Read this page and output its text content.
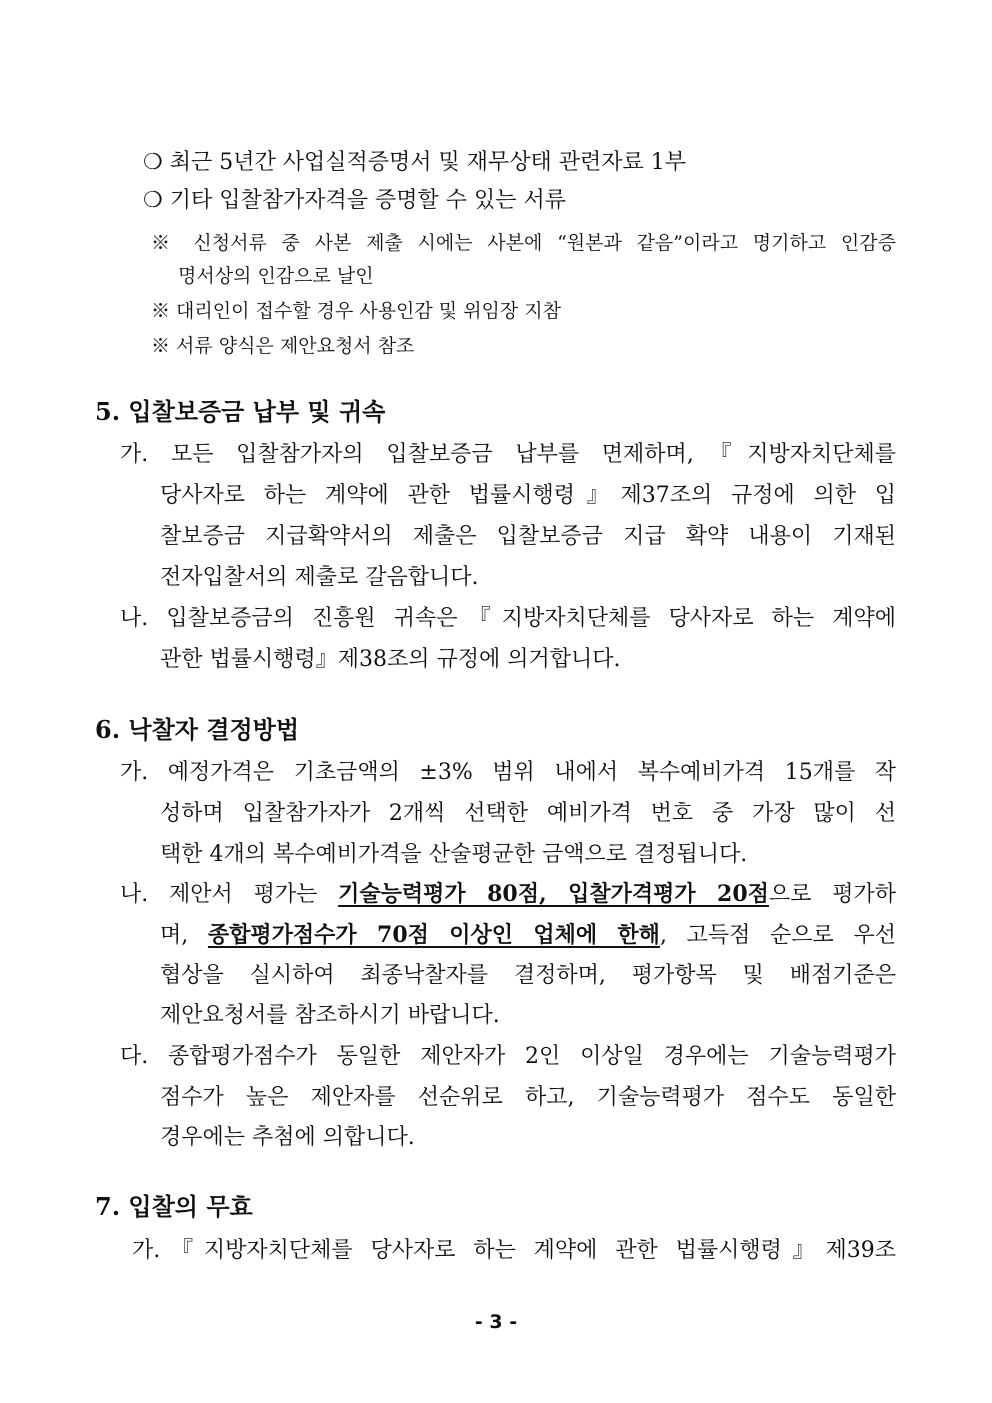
❍ 최근 5년간 사업실적증명서 및 재무상태 관련자료 1부
❍ 기타 입찰참가자격을 증명할 수 있는 서류
※ 신청서류 중 사본 제출 시에는 사본에 “원본과 같음”이라고 명기하고 인감증
명서상의 인감으로 날인
※ 대리인이 접수할 경우 사용인감 및 위임장 지참
※ 서류 양식은 제안요청서 참조
5. 입찰보증금 납부 및 귀속
가. 모든 입찰참가자의 입찰보증금 납부를 면제하며,『지방자치단체를
당사자로 하는 계약에 관한 법률시행령』제37조의 규정에 의한 입
찰보증금 지급확약서의 제출은 입찰보증금 지급 확약 내용이 기재된
전자입찰서의 제출로 갈음합니다.
나. 입찰보증금의 진흥원 귀속은『지방자치단체를 당사자로 하는 계약에
관한 법률시행령』제38조의 규정에 의거합니다.
6. 낙찰자 결정방법
가. 예정가격은 기초금액의 ±3% 범위 내에서 복수예비가격 15개를 작
성하며 입찰참가자가 2개씩 선택한 예비가격 번호 중 가장 많이 선
택한 4개의 복수예비가격을 산술평균한 금액으로 결정됩니다.
나. 제안서 평가는 기술능력평가 80점, 입찰가격평가 20점으로 평가하
며, 종합평가점수가 70점 이상인 업체에 한해, 고득점 순으로 우선
협상을 실시하여 최종낙찰자를 결정하며, 평가항목 및 배점기준은
제안요청서를 참조하시기 바랍니다.
다. 종합평가점수가 동일한 제안자가 2인 이상일 경우에는 기술능력평가
점수가 높은 제안자를 선순위로 하고, 기술능력평가 점수도 동일한
경우에는 추첨에 의합니다.
7. 입찰의 무효
가.『지방자치단체를 당사자로 하는 계약에 관한 법률시행령』제39조
- 3 -
